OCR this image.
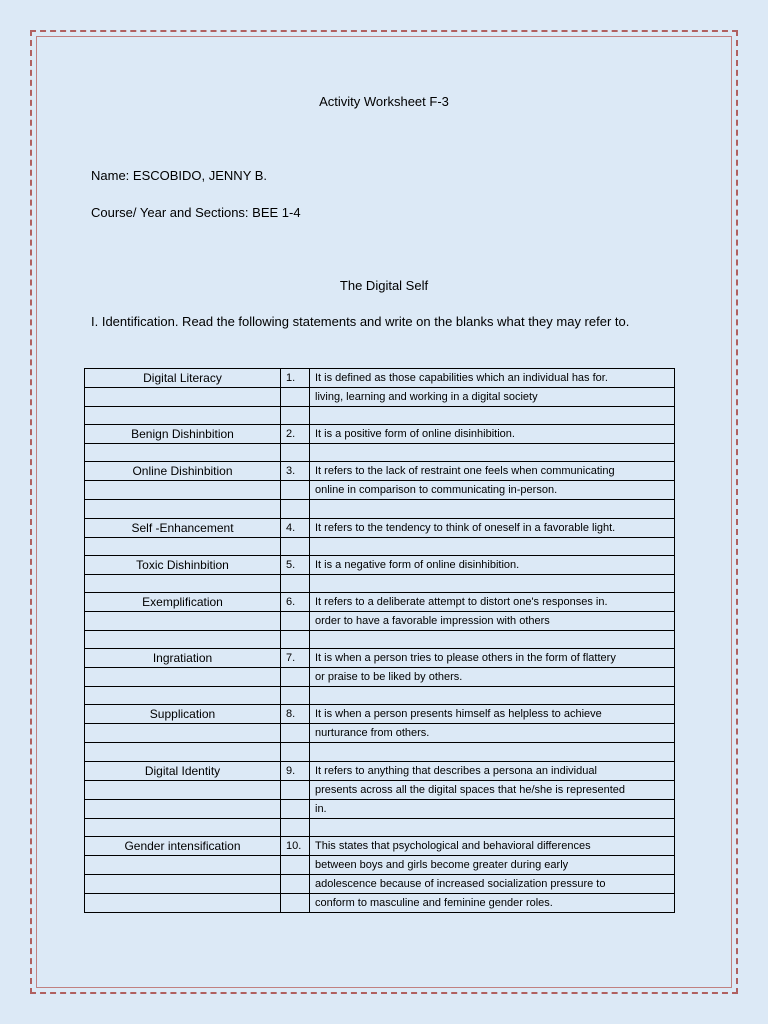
Activity Worksheet F-3
Name: ESCOBIDO, JENNY B.
Course/ Year and Sections: BEE 1-4
The Digital Self
I. Identification. Read the following statements and write on the blanks what they may refer to.
Digital Literacy	1.	It is defined as those capabilities which an individual has for.
		living, learning and working in a digital society

Benign Dishinbition	2.	It is a positive form of online disinhibition.

Online Dishinbition	3.	It refers to the lack of restraint one feels when communicating
		online in comparison to communicating in-person.

Self -Enhancement	4.	It refers to the tendency to think of oneself in a favorable light.

Toxic Dishinbition	5.	It is a negative form of online disinhibition.

Exemplification	6.	It refers to a deliberate attempt to distort one's responses in.
		order to have a favorable impression with others

Ingratiation	7.	It is when a person tries to please others in the form of flattery
		or praise to be liked by others.

Supplication	8.	It is when a person presents himself as helpless to achieve
		nurturance from others.

Digital Identity	9.	It refers to anything that describes a persona an individual
		presents across all the digital spaces that he/she is represented
		in.

Gender intensification	10.	This states that psychological and behavioral differences
		between boys and girls become greater during early
		adolescence because of increased socialization pressure to
		conform to masculine and feminine gender roles.
